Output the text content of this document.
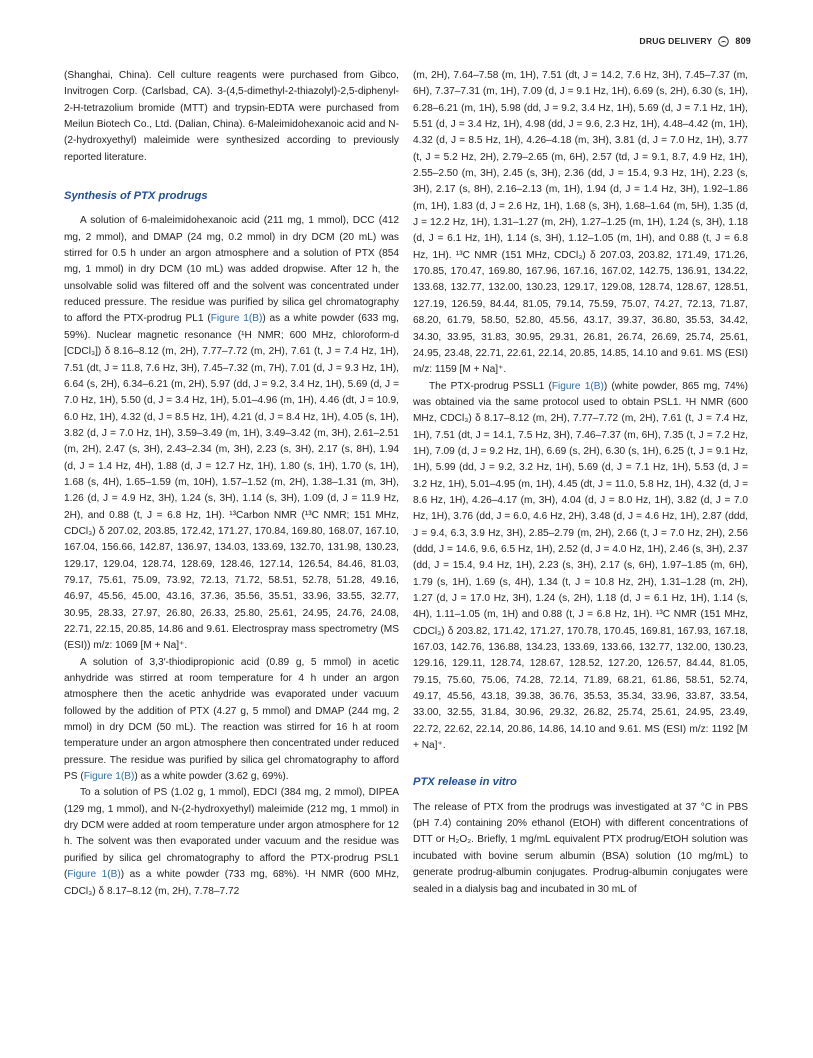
DRUG DELIVERY	809

(Shanghai, China). Cell culture reagents were purchased from Gibco, Invitrogen Corp. (Carlsbad, CA). 3-(4,5-dimethyl-2-thiazolyl)-2,5-diphenyl-2-H-tetrazolium bromide (MTT) and trypsin-EDTA were purchased from Meilun Biotech Co., Ltd. (Dalian, China). 6-Maleimidohexanoic acid and N-(2-hydroxyethyl) maleimide were synthesized according to previously reported literature.

Synthesis of PTX prodrugs

A solution of 6-maleimidohexanoic acid (211 mg, 1 mmol), DCC (412 mg, 2 mmol), and DMAP (24 mg, 0.2 mmol) in dry DCM (20 mL) was stirred for 0.5 h under an argon atmosphere and a solution of PTX (854 mg, 1 mmol) in dry DCM (10 mL) was added dropwise. After 12 h, the unsolvable solid was filtered off and the solvent was concentrated under reduced pressure. The residue was purified by silica gel chromatography to afford the PTX-prodrug PL1 (Figure 1(B)) as a white powder (633 mg, 59%). Nuclear magnetic resonance (¹H NMR; 600 MHz, chloroform-d [CDCl₃]) δ 8.16–8.12 (m, 2H), 7.77–7.72 (m, 2H), 7.61 (t, J = 7.4 Hz, 1H), 7.51 (dt, J = 11.8, 7.6 Hz, 3H), 7.45–7.32 (m, 7H), 7.01 (d, J = 9.3 Hz, 1H), 6.64 (s, 2H), 6.34–6.21 (m, 2H), 5.97 (dd, J = 9.2, 3.4 Hz, 1H), 5.69 (d, J = 7.0 Hz, 1H), 5.50 (d, J = 3.4 Hz, 1H), 5.01–4.96 (m, 1H), 4.46 (dt, J = 10.9, 6.0 Hz, 1H), 4.32 (d, J = 8.5 Hz, 1H), 4.21 (d, J = 8.4 Hz, 1H), 4.05 (s, 1H), 3.82 (d, J = 7.0 Hz, 1H), 3.59–3.49 (m, 1H), 3.49–3.42 (m, 3H), 2.61–2.51 (m, 2H), 2.47 (s, 3H), 2.43–2.34 (m, 3H), 2.23 (s, 3H), 2.17 (s, 8H), 1.94 (d, J = 1.4 Hz, 4H), 1.88 (d, J = 12.7 Hz, 1H), 1.80 (s, 1H), 1.70 (s, 1H), 1.68 (s, 4H), 1.65–1.59 (m, 10H), 1.57–1.52 (m, 2H), 1.38–1.31 (m, 3H), 1.26 (d, J = 4.9 Hz, 3H), 1.24 (s, 3H), 1.14 (s, 3H), 1.09 (d, J = 11.9 Hz, 2H), and 0.88 (t, J = 6.8 Hz, 1H). ¹³Carbon NMR (¹³C NMR; 151 MHz, CDCl₃) δ 207.02, 203.85, 172.42, 171.27, 170.84, 169.80, 168.07, 167.10, 167.04, 156.66, 142.87, 136.97, 134.03, 133.69, 132.70, 131.98, 130.23, 129.17, 129.04, 128.74, 128.69, 128.46, 127.14, 126.54, 84.46, 81.03, 79.17, 75.61, 75.09, 73.92, 72.13, 71.72, 58.51, 52.78, 51.28, 49.16, 46.97, 45.56, 45.00, 43.16, 37.36, 35.56, 35.51, 33.96, 33.55, 32.77, 30.95, 28.33, 27.97, 26.80, 26.33, 25.80, 25.61, 24.95, 24.76, 24.08, 22.71, 22.15, 20.85, 14.86 and 9.61. Electrospray mass spectrometry (MS (ESI)) m/z: 1069 [M + Na]⁺.

A solution of 3,3′-thiodipropionic acid (0.89 g, 5 mmol) in acetic anhydride was stirred at room temperature for 4 h under an argon atmosphere then the acetic anhydride was evaporated under vacuum followed by the addition of PTX (4.27 g, 5 mmol) and DMAP (244 mg, 2 mmol) in dry DCM (50 mL). The reaction was stirred for 16 h at room temperature under an argon atmosphere then concentrated under reduced pressure. The residue was purified by silica gel chromatography to afford PS (Figure 1(B)) as a white powder (3.62 g, 69%).

To a solution of PS (1.02 g, 1 mmol), EDCI (384 mg, 2 mmol), DIPEA (129 mg, 1 mmol), and N-(2-hydroxyethyl) maleimide (212 mg, 1 mmol) in dry DCM were added at room temperature under argon atmosphere for 12 h. The solvent was then evaporated under vacuum and the residue was purified by silica gel chromatography to afford the PTX-prodrug PSL1 (Figure 1(B)) as a white powder (733 mg, 68%). ¹H NMR (600 MHz, CDCl₃) δ 8.17–8.12 (m, 2H), 7.78–7.72

(m, 2H), 7.64–7.58 (m, 1H), 7.51 (dt, J = 14.2, 7.6 Hz, 3H), 7.45–7.37 (m, 6H), 7.37–7.31 (m, 1H), 7.09 (d, J = 9.1 Hz, 1H), 6.69 (s, 2H), 6.30 (s, 1H), 6.28–6.21 (m, 1H), 5.98 (dd, J = 9.2, 3.4 Hz, 1H), 5.69 (d, J = 7.1 Hz, 1H), 5.51 (d, J = 3.4 Hz, 1H), 4.98 (dd, J = 9.6, 2.3 Hz, 1H), 4.48–4.42 (m, 1H), 4.32 (d, J = 8.5 Hz, 1H), 4.26–4.18 (m, 3H), 3.81 (d, J = 7.0 Hz, 1H), 3.77 (t, J = 5.2 Hz, 2H), 2.79–2.65 (m, 6H), 2.57 (td, J = 9.1, 8.7, 4.9 Hz, 1H), 2.55–2.50 (m, 3H), 2.45 (s, 3H), 2.36 (dd, J = 15.4, 9.3 Hz, 1H), 2.23 (s, 3H), 2.17 (s, 8H), 2.16–2.13 (m, 1H), 1.94 (d, J = 1.4 Hz, 3H), 1.92–1.86 (m, 1H), 1.83 (d, J = 2.6 Hz, 1H), 1.68 (s, 3H), 1.68–1.64 (m, 5H), 1.35 (d, J = 12.2 Hz, 1H), 1.31–1.27 (m, 2H), 1.27–1.25 (m, 1H), 1.24 (s, 3H), 1.18 (d, J = 6.1 Hz, 1H), 1.14 (s, 3H), 1.12–1.05 (m, 1H), and 0.88 (t, J = 6.8 Hz, 1H). ¹³C NMR (151 MHz, CDCl₃) δ 207.03, 203.82, 171.49, 171.26, 170.85, 170.47, 169.80, 167.96, 167.16, 167.02, 142.75, 136.91, 134.22, 133.68, 132.77, 132.00, 130.23, 129.17, 129.08, 128.74, 128.67, 128.51, 127.19, 126.59, 84.44, 81.05, 79.14, 75.59, 75.07, 74.27, 72.13, 71.87, 68.20, 61.79, 58.50, 52.80, 45.56, 43.17, 39.37, 36.80, 35.53, 34.42, 34.30, 33.95, 31.83, 30.95, 29.31, 26.81, 26.74, 26.69, 25.74, 25.61, 24.95, 23.48, 22.71, 22.61, 22.14, 20.85, 14.85, 14.10 and 9.61. MS (ESI) m/z: 1159 [M + Na]⁺.

The PTX-prodrug PSSL1 (Figure 1(B)) (white powder, 865 mg, 74%) was obtained via the same protocol used to obtain PSL1. ¹H NMR (600 MHz, CDCl₃) δ 8.17–8.12 (m, 2H), 7.77–7.72 (m, 2H), 7.61 (t, J = 7.4 Hz, 1H), 7.51 (dt, J = 14.1, 7.5 Hz, 3H), 7.46–7.37 (m, 6H), 7.35 (t, J = 7.2 Hz, 1H), 7.09 (d, J = 9.2 Hz, 1H), 6.69 (s, 2H), 6.30 (s, 1H), 6.25 (t, J = 9.1 Hz, 1H), 5.99 (dd, J = 9.2, 3.2 Hz, 1H), 5.69 (d, J = 7.1 Hz, 1H), 5.53 (d, J = 3.2 Hz, 1H), 5.01–4.95 (m, 1H), 4.45 (dt, J = 11.0, 5.8 Hz, 1H), 4.32 (d, J = 8.6 Hz, 1H), 4.26–4.17 (m, 3H), 4.04 (d, J = 8.0 Hz, 1H), 3.82 (d, J = 7.0 Hz, 1H), 3.76 (dd, J = 6.0, 4.6 Hz, 2H), 3.48 (d, J = 4.6 Hz, 1H), 2.87 (ddd, J = 9.4, 6.3, 3.9 Hz, 3H), 2.85–2.79 (m, 2H), 2.66 (t, J = 7.0 Hz, 2H), 2.56 (ddd, J = 14.6, 9.6, 6.5 Hz, 1H), 2.52 (d, J = 4.0 Hz, 1H), 2.46 (s, 3H), 2.37 (dd, J = 15.4, 9.4 Hz, 1H), 2.23 (s, 3H), 2.17 (s, 6H), 1.97–1.85 (m, 6H), 1.79 (s, 1H), 1.69 (s, 4H), 1.34 (t, J = 10.8 Hz, 2H), 1.31–1.28 (m, 2H), 1.27 (d, J = 17.0 Hz, 3H), 1.24 (s, 2H), 1.18 (d, J = 6.1 Hz, 1H), 1.14 (s, 4H), 1.11–1.05 (m, 1H) and 0.88 (t, J = 6.8 Hz, 1H). ¹³C NMR (151 MHz, CDCl₃) δ 203.82, 171.42, 171.27, 170.78, 170.45, 169.81, 167.93, 167.18, 167.03, 142.76, 136.88, 134.23, 133.69, 133.66, 132.77, 132.00, 130.23, 129.16, 129.11, 128.74, 128.67, 128.52, 127.20, 126.57, 84.44, 81.05, 79.15, 75.60, 75.06, 74.28, 72.14, 71.89, 68.21, 61.86, 58.51, 52.74, 49.17, 45.56, 43.18, 39.38, 36.76, 35.53, 35.34, 33.96, 33.87, 33.54, 33.00, 32.55, 31.84, 30.96, 29.32, 26.82, 25.74, 25.61, 24.95, 23.49, 22.72, 22.62, 22.14, 20.86, 14.86, 14.10 and 9.61. MS (ESI) m/z: 1192 [M + Na]⁺.

PTX release in vitro

The release of PTX from the prodrugs was investigated at 37 °C in PBS (pH 7.4) containing 20% ethanol (EtOH) with different concentrations of DTT or H₂O₂. Briefly, 1 mg/mL equivalent PTX prodrug/EtOH solution was incubated with bovine serum albumin (BSA) solution (10 mg/mL) to generate prodrug-albumin conjugates. Prodrug-albumin conjugates were sealed in a dialysis bag and incubated in 30 mL of
